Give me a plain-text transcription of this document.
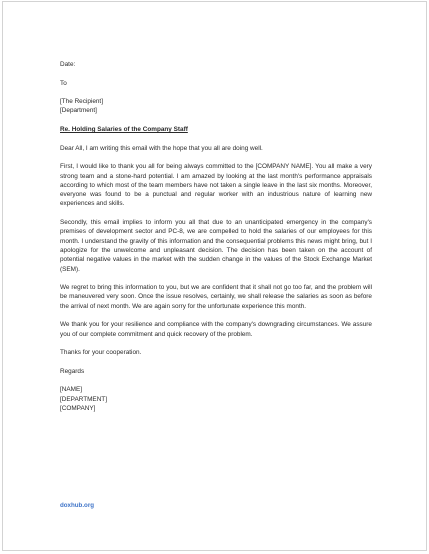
Date:
To
[The Recipient]
[Department]
Re. Holding Salaries of the Company Staff

Dear All, I am writing this email with the hope that you all are doing well.

First, I would like to thank you all for being always committed to the [COMPANY NAME]. You all make a very strong team and a stone-hard potential. I am amazed by looking at the last month's performance appraisals according to which most of the team members have not taken a single leave in the last six months. Moreover, everyone was found to be a punctual and regular worker with an industrious nature of learning new experiences and skills.

Secondly, this email implies to inform you all that due to an unanticipated emergency in the company's premises of development sector and PC-8, we are compelled to hold the salaries of our employees for this month. I understand the gravity of this information and the consequential problems this news might bring, but I apologize for the unwelcome and unpleasant decision. The decision has been taken on the account of potential negative values in the market with the sudden change in the values of the Stock Exchange Market (SEM).

We regret to bring this information to you, but we are confident that it shall not go too far, and the problem will be maneuvered very soon. Once the issue resolves, certainly, we shall release the salaries as soon as before the arrival of next month. We are again sorry for the unfortunate experience this month.

We thank you for your resilience and compliance with the company's downgrading circumstances. We assure you of our complete commitment and quick recovery of the problem.

Thanks for your cooperation.
Regards
[NAME]
[DEPARTMENT]
[COMPANY]
doxhub.org
